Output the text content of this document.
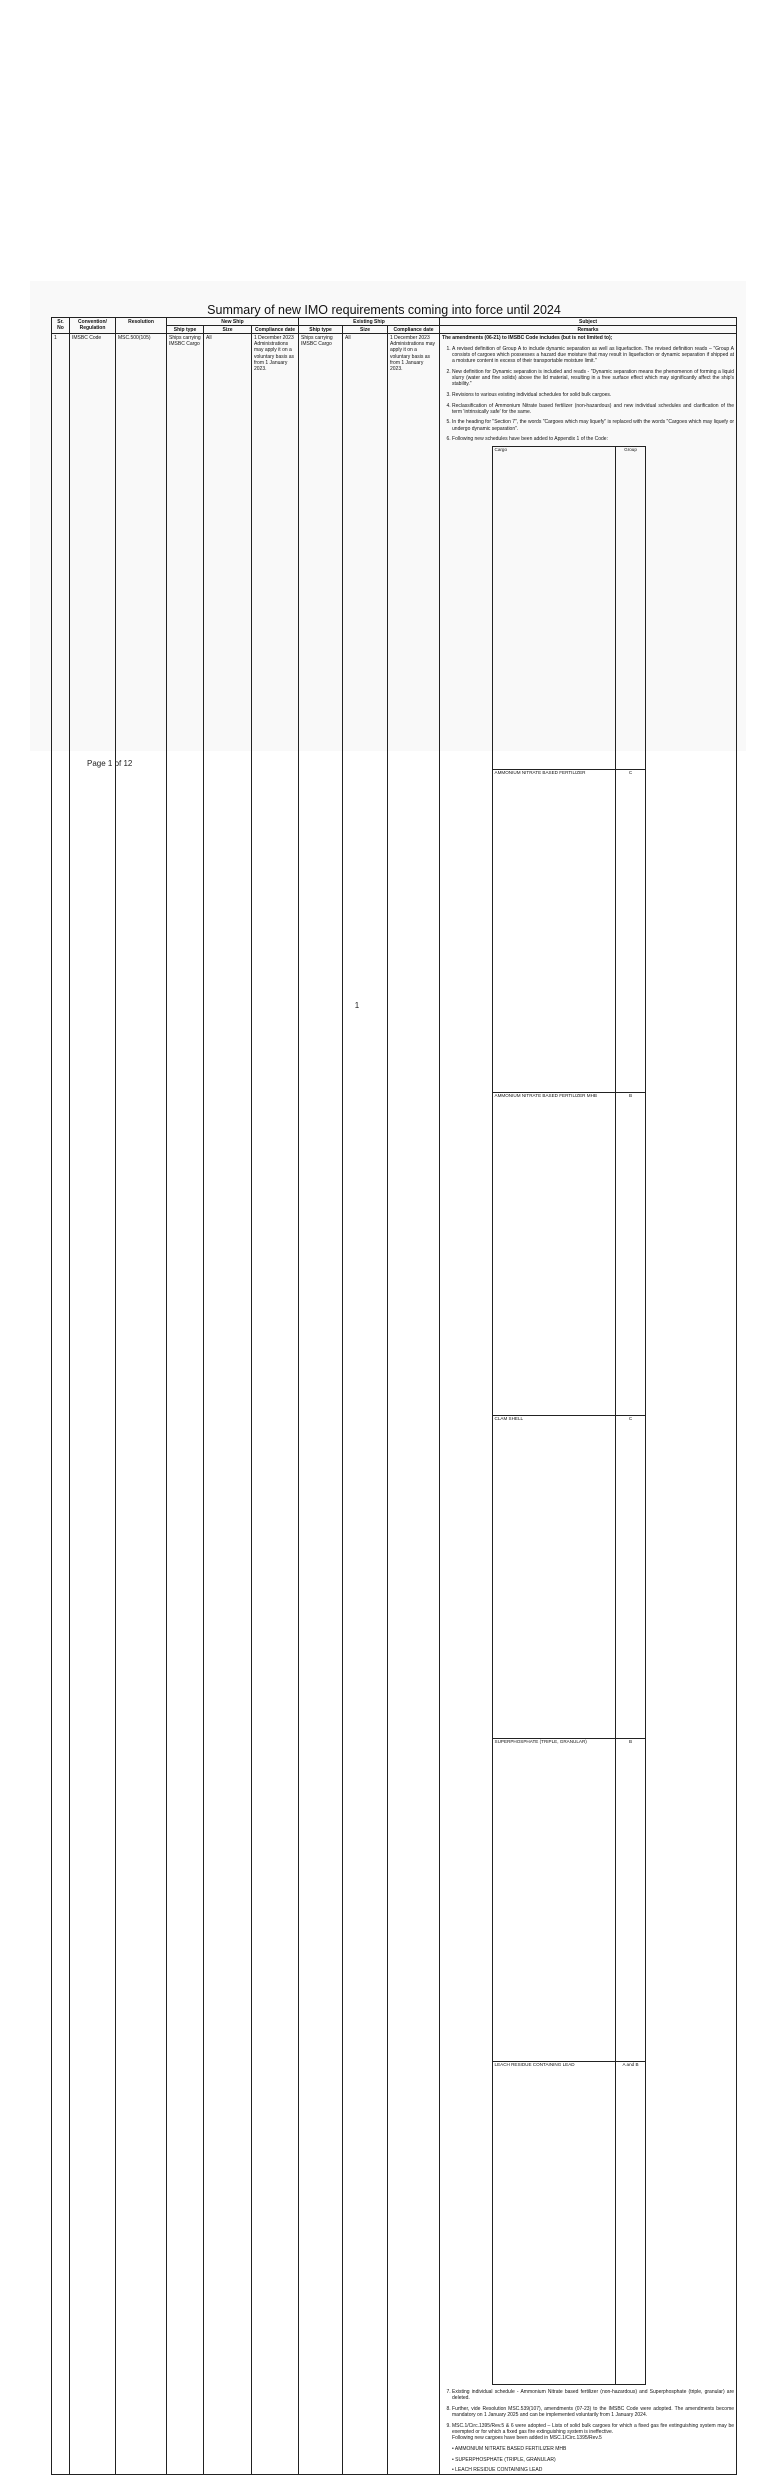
Summary of new IMO requirements coming into force until 2024
Sr. No	Convention/ Regulation	Resolution	New Ship	Existing Ship	Subject
Ship type	Size	Compliance date	Ship type	Size	Compliance date	Remarks
1	IMSBC Code	MSC.500(105)	Ships carrying IMSBC Cargo	All	1 December 2023 Administrations may apply it on a voluntary basis as from 1 January 2023.	Ships carrying IMSBC Cargo	All	1 December 2023 Administrations may apply it on a voluntary basis as from 1 January 2023.	
The amendments (06-21) to IMSBC Code includes (but is not limited to);

1. A revised definition of Group A to include dynamic separation as well as liquefaction. The revised definition reads – "Group A consists of cargoes which possesses a hazard due moisture that may result in liquefaction or dynamic separation if shipped at a moisture content in excess of their transportable moisture limit."

2. New definition for Dynamic separation is included and reads - "Dynamic separation means the phenomenon of forming a liquid slurry (water and fine solids) above the lid material, resulting in a free surface effect which may significantly affect the ship's stability."

3. Revisions to various existing individual schedules for solid bulk cargoes.

4. Reclassification of Ammonium Nitrate based fertilizer (non-hazardous) and new individual schedules and clarification of the term 'intrinsically safe' for the same.

5. In the heading for "Section 7", the words "Cargoes which may liquefy" is replaced with the words "Cargoes which may liquefy or undergo dynamic separation".

6. Following new schedules have been added to Appendix 1 of the Code:

Cargo	Group
AMMONIUM NITRATE BASED FERTILIZER	C
AMMONIUM NITRATE BASED FERTILIZER MHB	B
CLAM SHELL	C
SUPERPHOSPHATE (TRIPLE, GRANULAR)	B
LEACH RESIDUE CONTAINING LEAD	A and B

7. Existing individual schedule - Ammonium Nitrate based fertilizer (non-hazardous) and Superphosphate (triple, granular) are deleted.

8. Further, vide Resolution MSC.539(107), amendments (07-23) to the IMSBC Code were adopted. The amendments become mandatory on 1 January 2025 and can be implemented voluntarily from 1 January 2024.

9. MSC.1/Circ.1395/Rev.5 & 6 were adopted – Lists of solid bulk cargoes for which a fixed gas fire extinguishing system may be exempted or for which a fixed gas fire extinguishing system is ineffective.

Following new cargoes have been added in MSC.1/Circ.1395/Rev.5

• AMMONIUM NITRATE BASED FERTILIZER MHB
• SUPERPHOSPHATE (TRIPLE, GRANULAR)
• LEACH RESIDUE CONTAINING LEAD
Page 1 of 12
1
